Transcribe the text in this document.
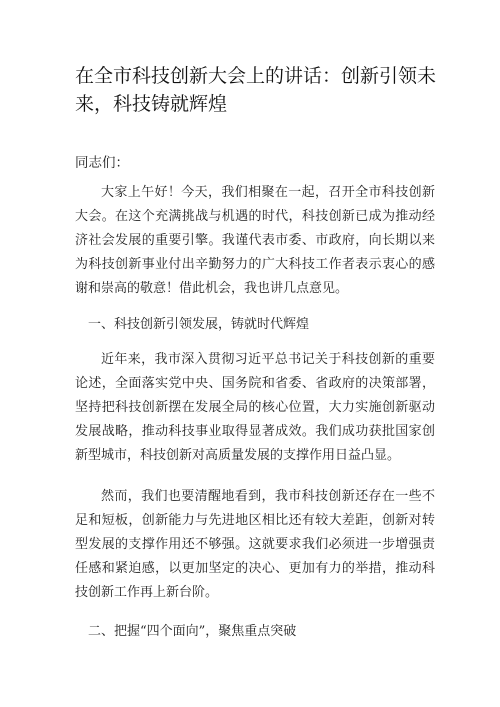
在全市科技创新大会上的讲话：创新引领未来，科技铸就辉煌

同志们：

大家上午好！今天，我们相聚在一起，召开全市科技创新大会。在这个充满挑战与机遇的时代，科技创新已成为推动经济社会发展的重要引擎。我谨代表市委、市政府，向长期以来为科技创新事业付出辛勤努力的广大科技工作者表示衷心的感谢和崇高的敬意！借此机会，我也讲几点意见。

一、科技创新引领发展，铸就时代辉煌

近年来，我市深入贯彻习近平总书记关于科技创新的重要论述，全面落实党中央、国务院和省委、省政府的决策部署，坚持把科技创新摆在发展全局的核心位置，大力实施创新驱动发展战略，推动科技事业取得显著成效。我们成功获批国家创新型城市，科技创新对高质量发展的支撑作用日益凸显。

然而，我们也要清醒地看到，我市科技创新还存在一些不足和短板，创新能力与先进地区相比还有较大差距，创新对转型发展的支撑作用还不够强。这就要求我们必须进一步增强责任感和紧迫感，以更加坚定的决心、更加有力的举措，推动科技创新工作再上新台阶。

二、把握“四个面向”，聚焦重点突破
